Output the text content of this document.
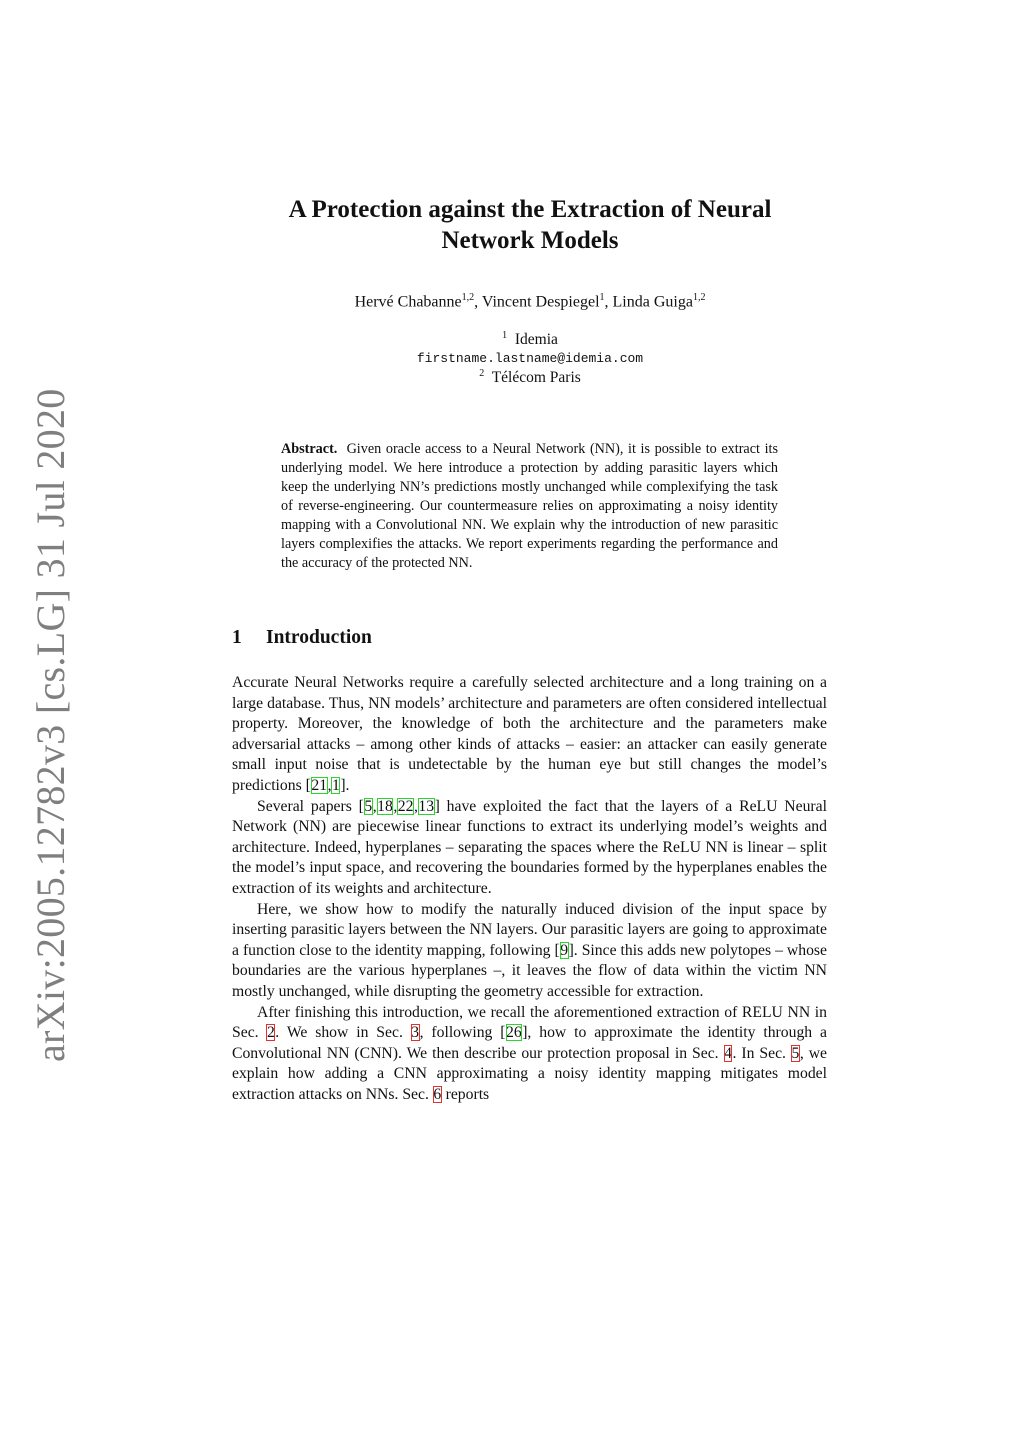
arXiv:2005.12782v3 [cs.LG] 31 Jul 2020
A Protection against the Extraction of Neural
Network Models
Hervé Chabanne$^{1,2}$, Vincent Despiegel$^1$, Linda Guiga$^{1,2}$
$^1$ Idemia
firstname.lastname@idemia.com
$^2$ Télécom Paris
Abstract. Given oracle access to a Neural Network (NN), it is possible to extract its underlying model. We here introduce a protection by adding parasitic layers which keep the underlying NN’s predictions mostly unchanged while complexifying the task of reverse-engineering. Our countermeasure relies on approximating a noisy identity mapping with a Convolutional NN. We explain why the introduction of new parasitic layers complexifies the attacks. We report experiments regarding the performance and the accuracy of the protected NN.
1 Introduction

Accurate Neural Networks require a carefully selected architecture and a long training on a large database. Thus, NN models’ architecture and parameters are often considered intellectual property. Moreover, the knowledge of both the architecture and the parameters make adversarial attacks – among other kinds of attacks – easier: an attacker can easily generate small input noise that is undetectable by the human eye but still changes the model’s predictions [21,1].

Several papers [5,18,22,13] have exploited the fact that the layers of a ReLU Neural Network (NN) are piecewise linear functions to extract its underlying model’s weights and architecture. Indeed, hyperplanes – separating the spaces where the ReLU NN is linear – split the model’s input space, and recovering the boundaries formed by the hyperplanes enables the extraction of its weights and architecture.

Here, we show how to modify the naturally induced division of the input space by inserting parasitic layers between the NN layers. Our parasitic layers are going to approximate a function close to the identity mapping, following [9]. Since this adds new polytopes – whose boundaries are the various hyperplanes –, it leaves the flow of data within the victim NN mostly unchanged, while disrupting the geometry accessible for extraction.

After finishing this introduction, we recall the aforementioned extraction of RELU NN in Sec. 2. We show in Sec. 3, following [26], how to approximate the identity through a Convolutional NN (CNN). We then describe our protection proposal in Sec. 4. In Sec. 5, we explain how adding a CNN approximating a noisy identity mapping mitigates model extraction attacks on NNs. Sec. 6 reports
